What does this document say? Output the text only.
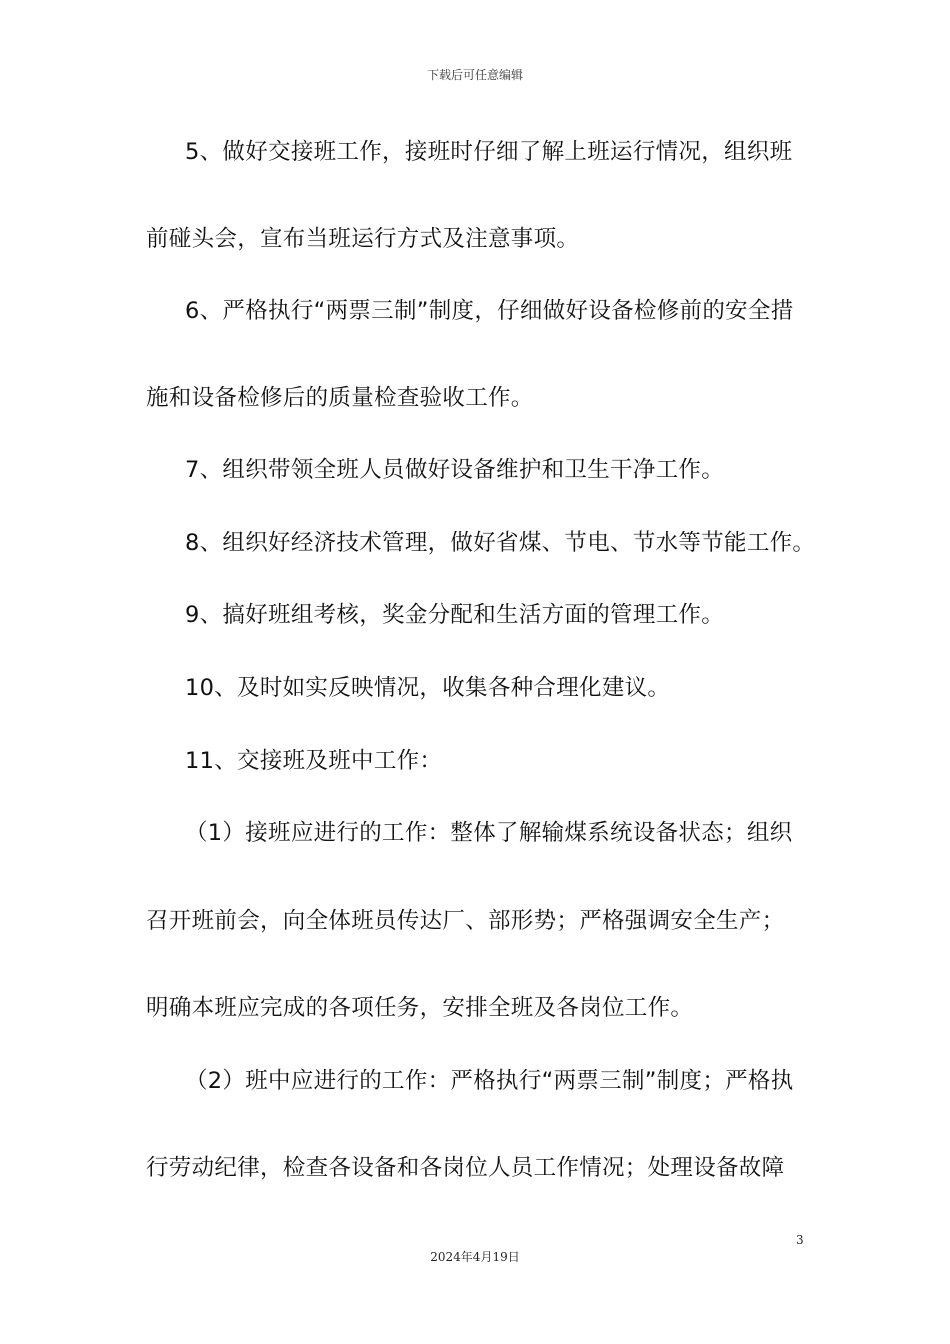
下载后可任意编辑
5、做好交接班工作，接班时仔细了解上班运行情况，组织班
前碰头会，宣布当班运行方式及注意事项。
6、严格执行“两票三制”制度，仔细做好设备检修前的安全措
施和设备检修后的质量检查验收工作。
7、组织带领全班人员做好设备维护和卫生干净工作。
8、组织好经济技术管理，做好省煤、节电、节水等节能工作。
9、搞好班组考核，奖金分配和生活方面的管理工作。
10、及时如实反映情况，收集各种合理化建议。
11、交接班及班中工作：
（1）接班应进行的工作：整体了解输煤系统设备状态；组织
召开班前会，向全体班员传达厂、部形势；严格强调安全生产；
明确本班应完成的各项任务，安排全班及各岗位工作。
（2）班中应进行的工作：严格执行“两票三制”制度；严格执
行劳动纪律，检查各设备和各岗位人员工作情况；处理设备故障
3
2024年4月19日
